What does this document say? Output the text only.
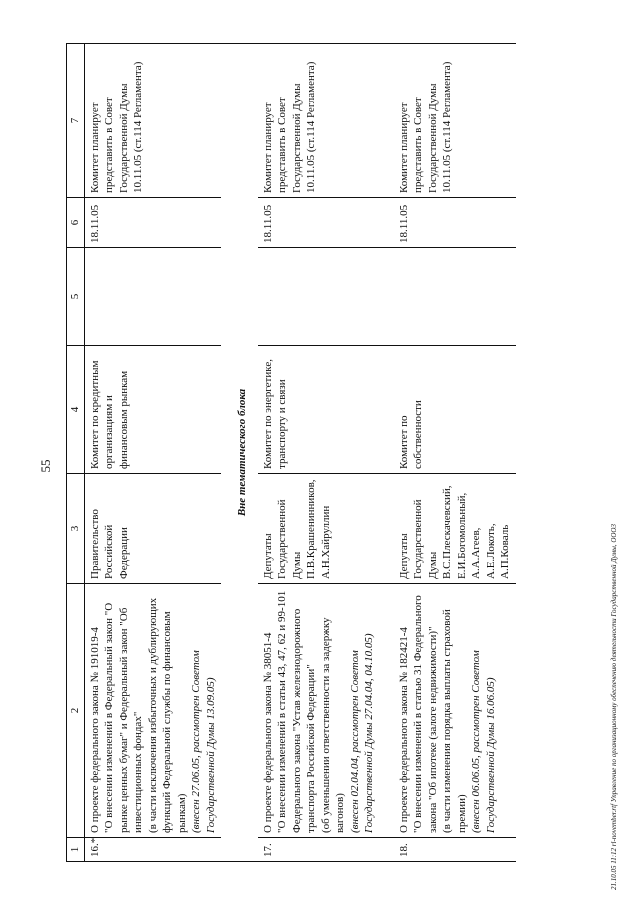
55
1	2	3	4	5	6	7
16.*	О проекте федерального закона № 191019-4 "О внесении изменений в Федеральный закон "О рынке ценных бумаг" и Федеральный закон "Об инвестиционных фондах" (в части исключения избыточных и дублирующих функций Федеральной службы по финансовым рынкам) (внесен 27.06.05, рассмотрен Советом Государственной Думы 13.09.05)	Правительство Российской Федерации	Комитет по кредитным организациям и финансовым рынкам		18.11.05	Комитет планирует представить в Совет Государственной Думы 10.11.05 (ст.114 Регламента)
Вне тематического блока						
17.	О проекте федерального закона № 38051-4 "О внесении изменений в статьи 43, 47, 62 и 99-101 Федерального закона "Устав железнодорожного транспорта Российской Федерации" (об уменьшении ответственности за задержку вагонов) (внесен 02.04.04, рассмотрен Советом Государственной Думы 27.04.04, 04.10.05)	Депутаты Государственной Думы П.В.Крашенинников, А.Н.Хайруллин	Комитет по энергетике, транспорту и связи		18.11.05	Комитет планирует представить в Совет Государственной Думы 10.11.05 (ст.114 Регламента)

18.	О проекте федерального закона № 182421-4 "О внесении изменений в статью 31 Федерального закона "Об ипотеке (залоге недвижимости)" (в части изменения порядка выплаты страховой премии) (внесен 06.06.05, рассмотрен Советом Государственной Думы 16.06.05)	Депутаты Государственной Думы В.С.Плескачевский, Е.И.Богомольный, А.А.Агеев, А.Е.Локоть, А.П.Коваль	Комитет по собственности		18.11.05	Комитет планирует представить в Совет Государственной Думы 10.11.05 (ст.114 Регламента)
21.10.05 11:12 rl-november.rtf Управление по организационному обеспечению деятельности Государственной Думы, ООО3
